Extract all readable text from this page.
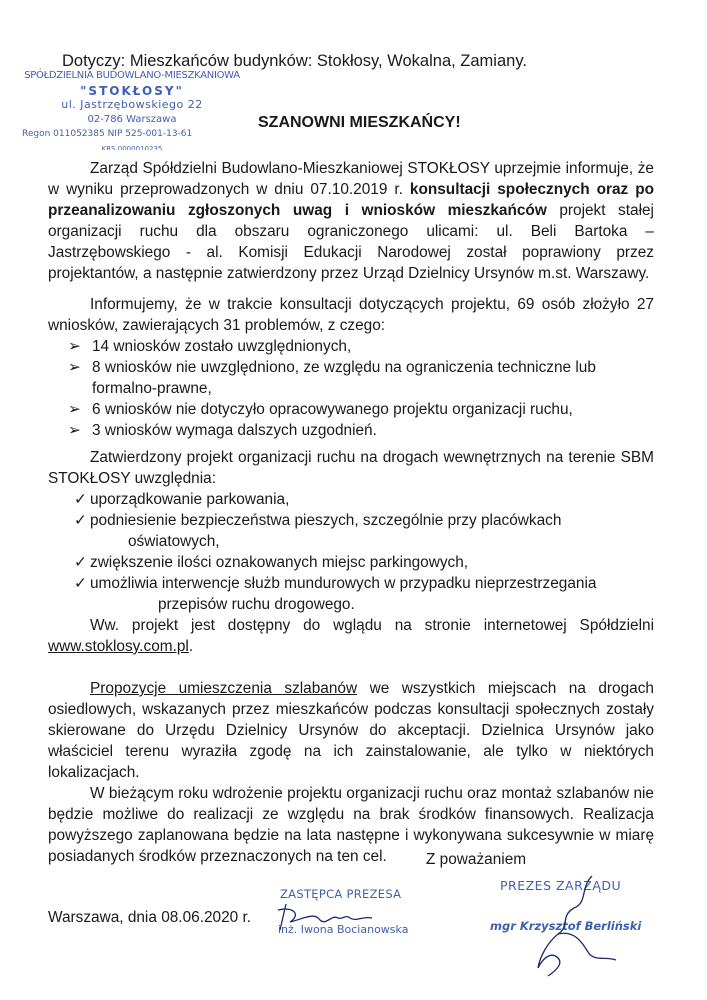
Dotyczy: Mieszkańców budynków: Stokłosy, Wokalna, Zamiany.
SPÓŁDZIELNIA BUDOWLANO-MIESZKANIOWA
"STOKŁOSY"
ul. Jastrzębowskiego 22
02-786 Warszawa
Regon 011052385 NIP 525-001-13-61
KRS 0000010235
SZANOWNI MIESZKAŃCY!

Zarząd Spółdzielni Budowlano-Mieszkaniowej STOKŁOSY uprzejmie informuje, że w wyniku przeprowadzonych w dniu 07.10.2019 r. konsultacji społecznych oraz po przeanalizowaniu zgłoszonych uwag i wniosków mieszkańców projekt stałej organizacji ruchu dla obszaru ograniczonego ulicami: ul. Beli Bartoka – Jastrzębowskiego - al. Komisji Edukacji Narodowej został poprawiony przez projektantów, a następnie zatwierdzony przez Urząd Dzielnicy Ursynów m.st. Warszawy.

Informujemy, że w trakcie konsultacji dotyczących projektu, 69 osób złożyło 27 wniosków, zawierających 31 problemów, z czego:

➢ 14 wniosków zostało uwzględnionych,
➢ 8 wniosków nie uwzględniono, ze względu na ograniczenia techniczne lub
formalno-prawne,
➢ 6 wniosków nie dotyczyło opracowywanego projektu organizacji ruchu,
➢ 3 wniosków wymaga dalszych uzgodnień.

Zatwierdzony projekt organizacji ruchu na drogach wewnętrznych na terenie SBM STOKŁOSY uwzględnia:

✓ uporządkowanie parkowania,
✓ podniesienie bezpieczeństwa pieszych, szczególnie przy placówkach
oświatowych,
✓ zwiększenie ilości oznakowanych miejsc parkingowych,
✓ umożliwia interwencje służb mundurowych w przypadku nieprzestrzegania
przepisów ruchu drogowego.

Ww. projekt jest dostępny do wglądu na stronie internetowej Spółdzielni www.stoklosy.com.pl.

Propozycje umieszczenia szlabanów we wszystkich miejscach na drogach osiedlowych, wskazanych przez mieszkańców podczas konsultacji społecznych zostały skierowane do Urzędu Dzielnicy Ursynów do akceptacji. Dzielnica Ursynów jako właściciel terenu wyraziła zgodę na ich zainstalowanie, ale tylko w niektórych lokalizacjach.

W bieżącym roku wdrożenie projektu organizacji ruchu oraz montaż szlabanów nie będzie możliwe do realizacji ze względu na brak środków finansowych. Realizacja powyższego zaplanowana będzie na lata następne i wykonywana sukcesywnie w miarę posiadanych środków przeznaczonych na ten cel.	Z poważaniem
Warszawa, dnia 08.06.2020 r.
ZASTĘPCA PREZESA
inż. Iwona Bocianowska
PREZES ZARZĄDU
mgr Krzysztof Berliński
